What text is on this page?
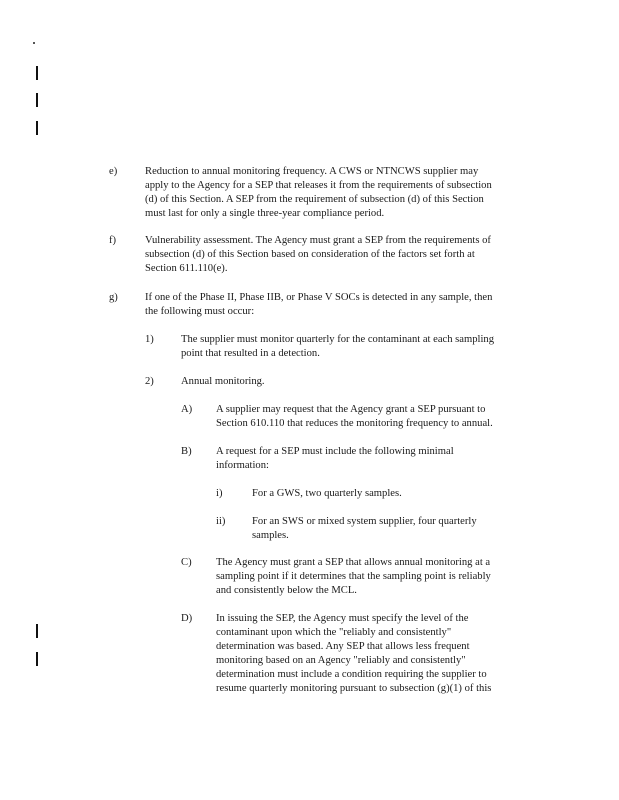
e)	Reduction to annual monitoring frequency. A CWS or NTNCWS supplier may
apply to the Agency for a SEP that releases it from the requirements of subsection
(d) of this Section. A SEP from the requirement of subsection (d) of this Section
must last for only a single three-year compliance period.
f)	Vulnerability assessment. The Agency must grant a SEP from the requirements of
subsection (d) of this Section based on consideration of the factors set forth at
Section 611.110(e).
g)	If one of the Phase II, Phase IIB, or Phase V SOCs is detected in any sample, then
the following must occur:
1)	The supplier must monitor quarterly for the contaminant at each sampling
point that resulted in a detection.
2)	Annual monitoring.
A) A supplier may request that the Agency grant a SEP pursuant to
Section 610.110 that reduces the monitoring frequency to annual.
B) A request for a SEP must include the following minimal
information:
i)	For a GWS, two quarterly samples.
ii)	For an SWS or mixed system supplier, four quarterly
samples.
C) The Agency must grant a SEP that allows annual monitoring at a
sampling point if it determines that the sampling point is reliably
and consistently below the MCL.
D) In issuing the SEP, the Agency must specify the level of the
contaminant upon which the "reliably and consistently"
determination was based. Any SEP that allows less frequent
monitoring based on an Agency "reliably and consistently"
determination must include a condition requiring the supplier to
resume quarterly monitoring pursuant to subsection (g)(1) of this
